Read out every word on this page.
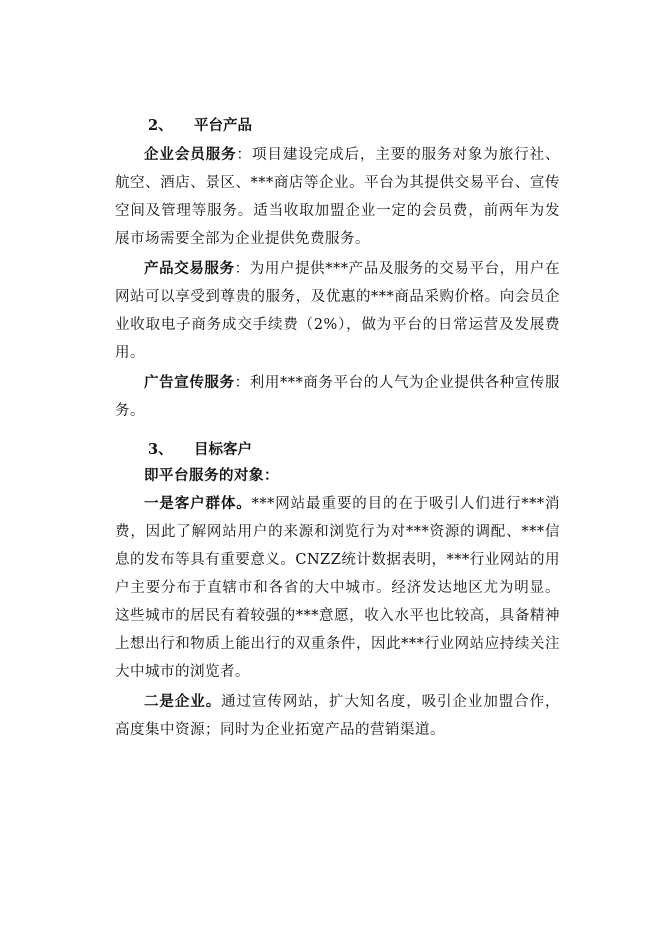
2、 平台产品

企业会员服务：项目建设完成后，主要的服务对象为旅行社、航空、酒店、景区、***商店等企业。平台为其提供交易平台、宣传空间及管理等服务。适当收取加盟企业一定的会员费，前两年为发展市场需要全部为企业提供免费服务。

产品交易服务：为用户提供***产品及服务的交易平台，用户在网站可以享受到尊贵的服务，及优惠的***商品采购价格。向会员企业收取电子商务成交手续费（2%），做为平台的日常运营及发展费用。

广告宣传服务：利用***商务平台的人气为企业提供各种宣传服务。

3、 目标客户

即平台服务的对象：

一是客户群体。***网站最重要的目的在于吸引人们进行***消费，因此了解网站用户的来源和浏览行为对***资源的调配、***信息的发布等具有重要意义。CNZZ统计数据表明，***行业网站的用户主要分布于直辖市和各省的大中城市。经济发达地区尤为明显。这些城市的居民有着较强的***意愿，收入水平也比较高，具备精神上想出行和物质上能出行的双重条件，因此***行业网站应持续关注大中城市的浏览者。

二是企业。通过宣传网站，扩大知名度，吸引企业加盟合作，高度集中资源；同时为企业拓宽产品的营销渠道。
